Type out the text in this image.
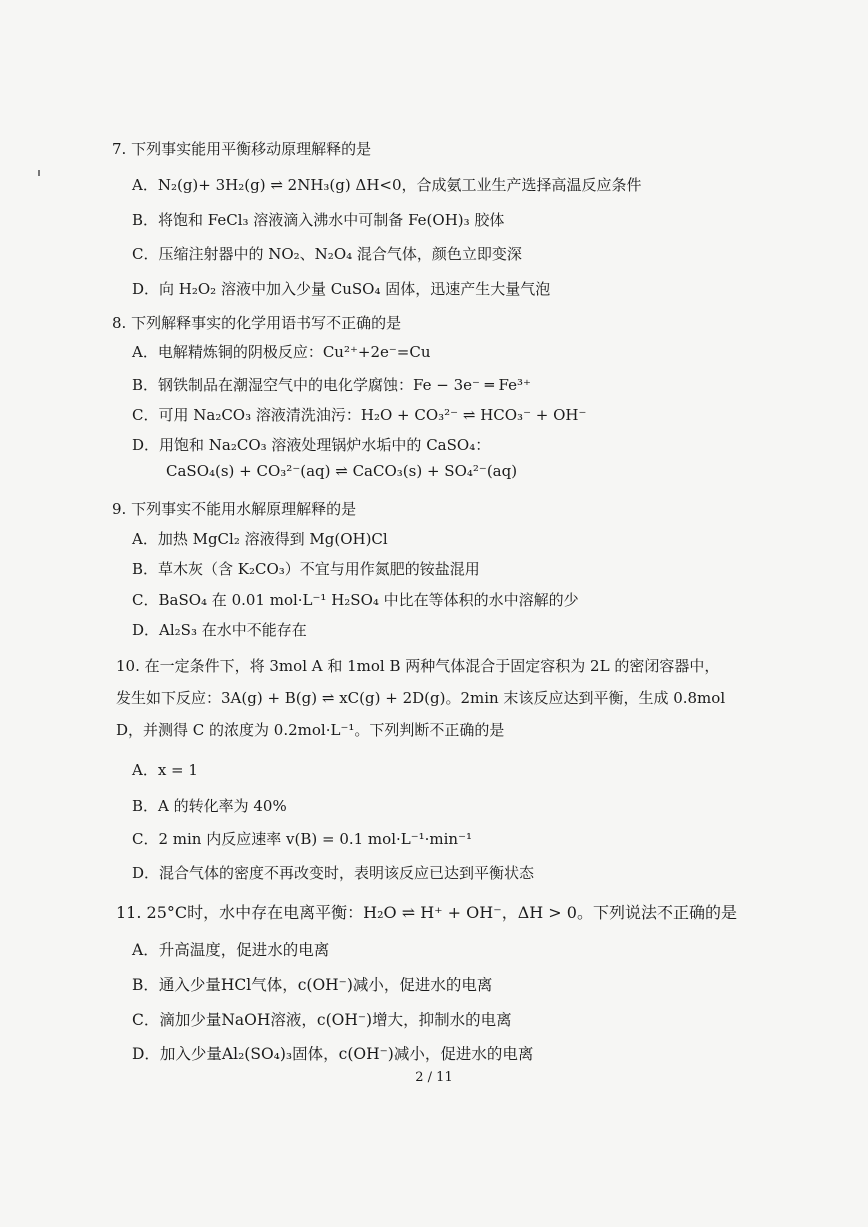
7. 下列事实能用平衡移动原理解释的是
A．N₂(g)+ 3H₂(g) ⇌ 2NH₃(g) ΔH<0，合成氨工业生产选择高温反应条件
B．将饱和 FeCl₃ 溶液滴入沸水中可制备 Fe(OH)₃ 胶体
C．压缩注射器中的 NO₂、N₂O₄ 混合气体，颜色立即变深
D．向 H₂O₂ 溶液中加入少量 CuSO₄ 固体，迅速产生大量气泡
8. 下列解释事实的化学用语书写不正确的是
A．电解精炼铜的阴极反应：Cu²⁺+2e⁻=Cu
B．钢铁制品在潮湿空气中的电化学腐蚀：Fe − 3e⁻ ═ Fe³⁺
C．可用 Na₂CO₃ 溶液清洗油污：H₂O + CO₃²⁻ ⇌ HCO₃⁻ + OH⁻
D．用饱和 Na₂CO₃ 溶液处理锅炉水垢中的 CaSO₄：
CaSO₄(s) + CO₃²⁻(aq) ⇌ CaCO₃(s) + SO₄²⁻(aq)
9. 下列事实不能用水解原理解释的是
A．加热 MgCl₂ 溶液得到 Mg(OH)Cl
B．草木灰（含 K₂CO₃）不宜与用作氮肥的铵盐混用
C．BaSO₄ 在 0.01 mol·L⁻¹ H₂SO₄ 中比在等体积的水中溶解的少
D．Al₂S₃ 在水中不能存在
10. 在一定条件下，将 3mol A 和 1mol B 两种气体混合于固定容积为 2L 的密闭容器中，发生如下反应：3A(g) + B(g) ⇌ xC(g) + 2D(g)。2min 末该反应达到平衡，生成 0.8mol D，并测得 C 的浓度为 0.2mol·L⁻¹。下列判断不正确的是
A．x = 1
B．A 的转化率为 40%
C．2 min 内反应速率 v(B) = 0.1 mol·L⁻¹·min⁻¹
D．混合气体的密度不再改变时，表明该反应已达到平衡状态
11. 25°C时，水中存在电离平衡：H₂O ⇌ H⁺ + OH⁻，ΔH > 0。下列说法不正确的是
A．升高温度，促进水的电离
B．通入少量HCl气体，c(OH⁻)减小，促进水的电离
C．滴加少量NaOH溶液，c(OH⁻)增大，抑制水的电离
D．加入少量Al₂(SO₄)₃固体，c(OH⁻)减小，促进水的电离
2 / 11
